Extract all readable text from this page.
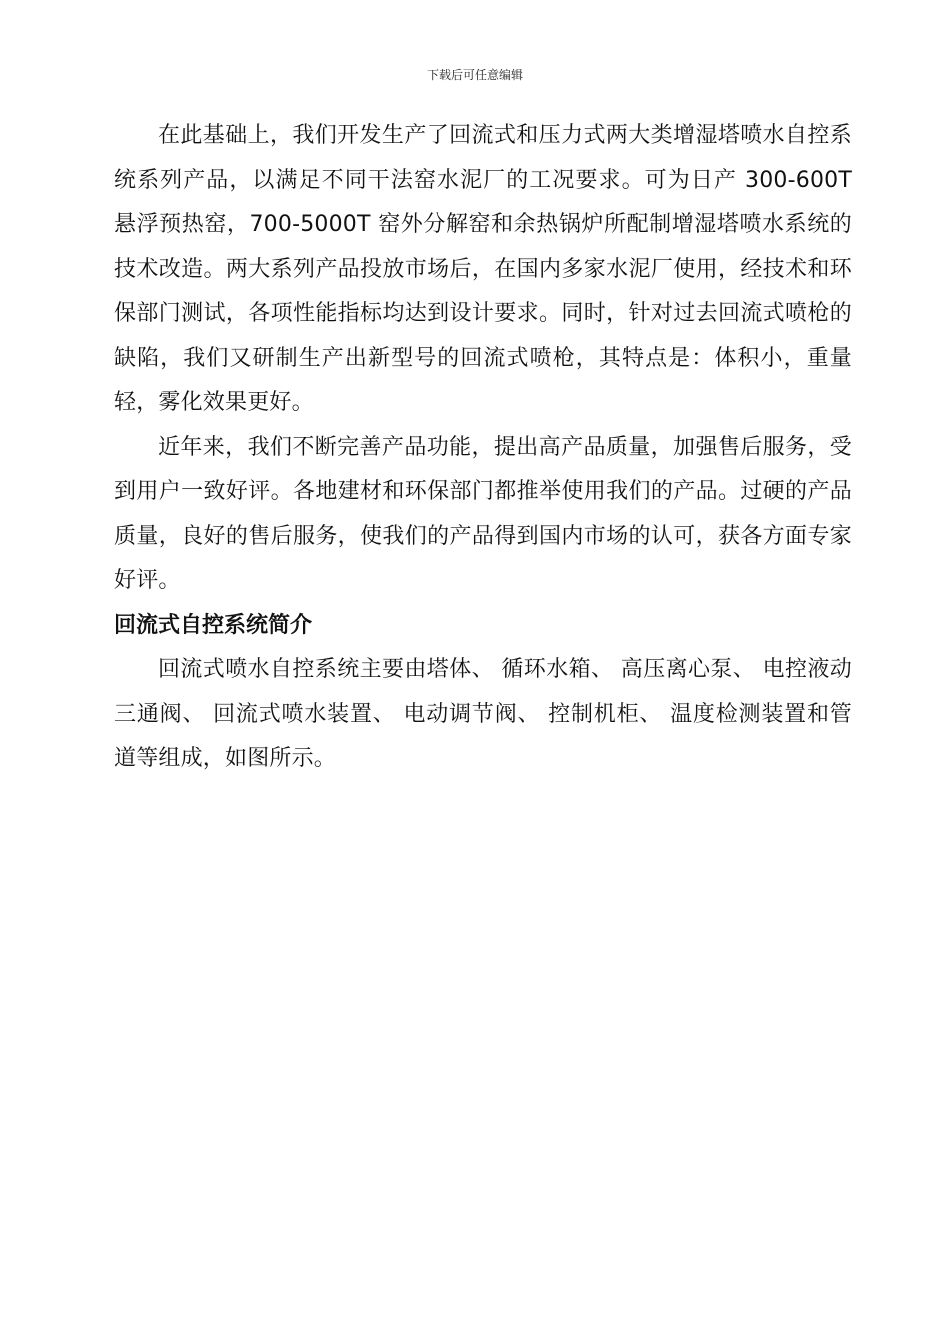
下载后可任意编辑

在此基础上，我们开发生产了回流式和压力式两大类增湿塔喷水自控系统系列产品，以满足不同干法窑水泥厂的工况要求。可为日产 300-600T 悬浮预热窑，700-5000T 窑外分解窑和余热锅炉所配制增湿塔喷水系统的技术改造。两大系列产品投放市场后，在国内多家水泥厂使用，经技术和环保部门测试，各项性能指标均达到设计要求。同时，针对过去回流式喷枪的缺陷，我们又研制生产出新型号的回流式喷枪，其特点是：体积小，重量轻，雾化效果更好。

近年来，我们不断完善产品功能，提出高产品质量，加强售后服务，受到用户一致好评。各地建材和环保部门都推举使用我们的产品。过硬的产品质量，良好的售后服务，使我们的产品得到国内市场的认可，获各方面专家好评。

回流式自控系统简介

回流式喷水自控系统主要由塔体、 循环水箱、 高压离心泵、 电控液动三通阀、 回流式喷水装置、 电动调节阀、 控制机柜、 温度检测装置和管道等组成，如图所示。
